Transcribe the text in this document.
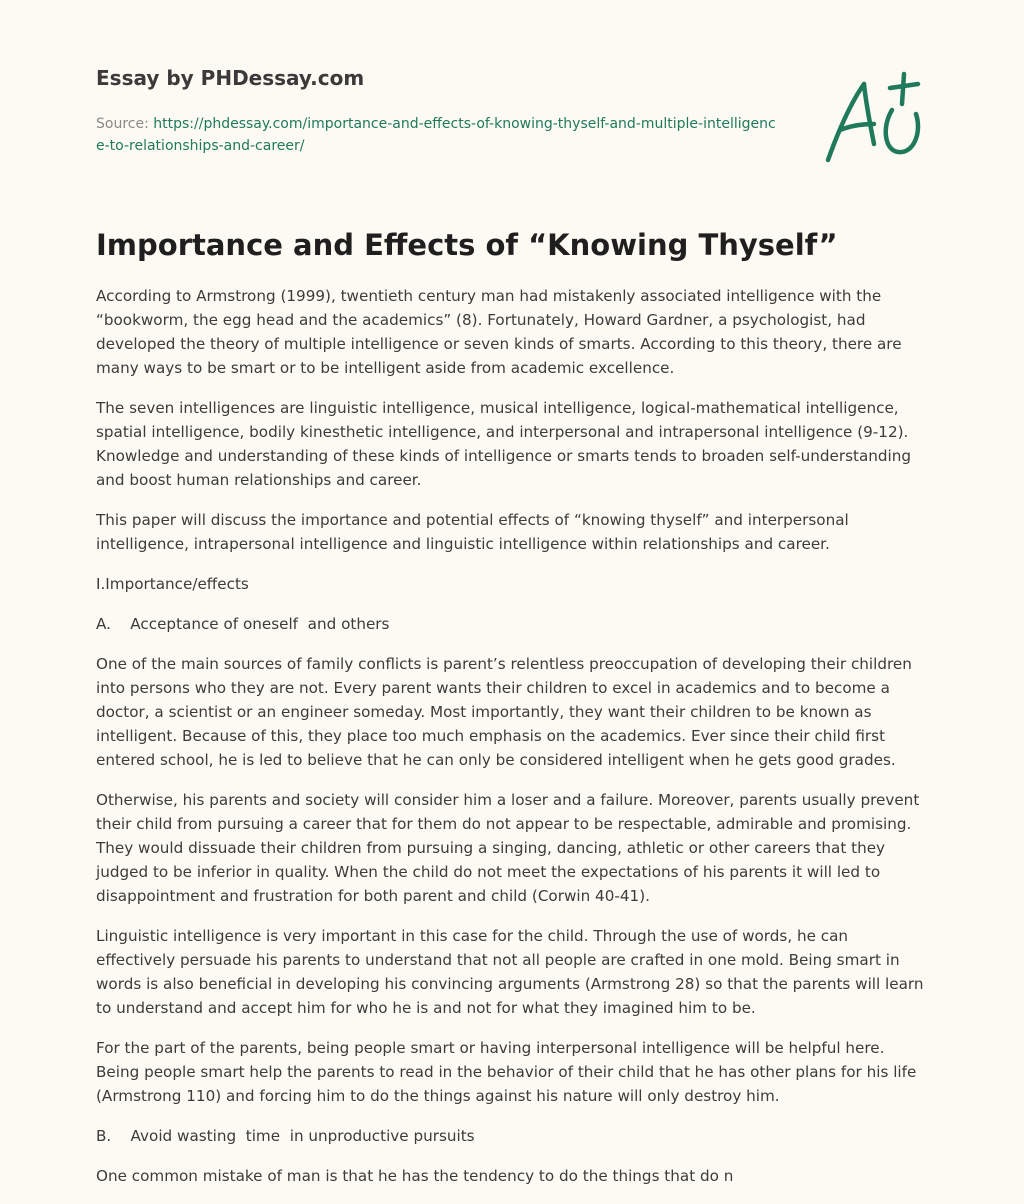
Essay by PHDessay.com
Source: https://phdessay.com/importance-and-effects-of-knowing-thyself-and-multiple-intelligence-to-relationships-and-career/
Importance and Effects of “Knowing Thyself”

According to Armstrong (1999), twentieth century man had mistakenly associated intelligence with the “bookworm, the egg head and the academics” (8). Fortunately, Howard Gardner, a psychologist, had developed the theory of multiple intelligence or seven kinds of smarts. According to this theory, there are many ways to be smart or to be intelligent aside from academic excellence.

The seven intelligences are linguistic intelligence, musical intelligence, logical-mathematical intelligence, spatial intelligence, bodily kinesthetic intelligence, and interpersonal and intrapersonal intelligence (9-12). Knowledge and understanding of these kinds of intelligence or smarts tends to broaden self-understanding and boost human relationships and career.

This paper will discuss the importance and potential effects of “knowing thyself” and interpersonal intelligence, intrapersonal intelligence and linguistic intelligence within relationships and career.

I.Importance/effects

A.    Acceptance of oneself  and others

One of the main sources of family conflicts is parent’s relentless preoccupation of developing their children into persons who they are not. Every parent wants their children to excel in academics and to become a doctor, a scientist or an engineer someday. Most importantly, they want their children to be known as intelligent. Because of this, they place too much emphasis on the academics. Ever since their child first entered school, he is led to believe that he can only be considered intelligent when he gets good grades.

Otherwise, his parents and society will consider him a loser and a failure. Moreover, parents usually prevent their child from pursuing a career that for them do not appear to be respectable, admirable and promising. They would dissuade their children from pursuing a singing, dancing, athletic or other careers that they judged to be inferior in quality. When the child do not meet the expectations of his parents it will led to disappointment and frustration for both parent and child (Corwin 40-41).

Linguistic intelligence is very important in this case for the child. Through the use of words, he can effectively persuade his parents to understand that not all people are crafted in one mold. Being smart in words is also beneficial in developing his convincing arguments (Armstrong 28) so that the parents will learn to understand and accept him for who he is and not for what they imagined him to be.

For the part of the parents, being people smart or having interpersonal intelligence will be helpful here. Being people smart help the parents to read in the behavior of their child that he has other plans for his life (Armstrong 110) and forcing him to do the things against his nature will only destroy him.

B.    Avoid wasting  time  in unproductive pursuits

One common mistake of man is that he has the tendency to do the things that do n
